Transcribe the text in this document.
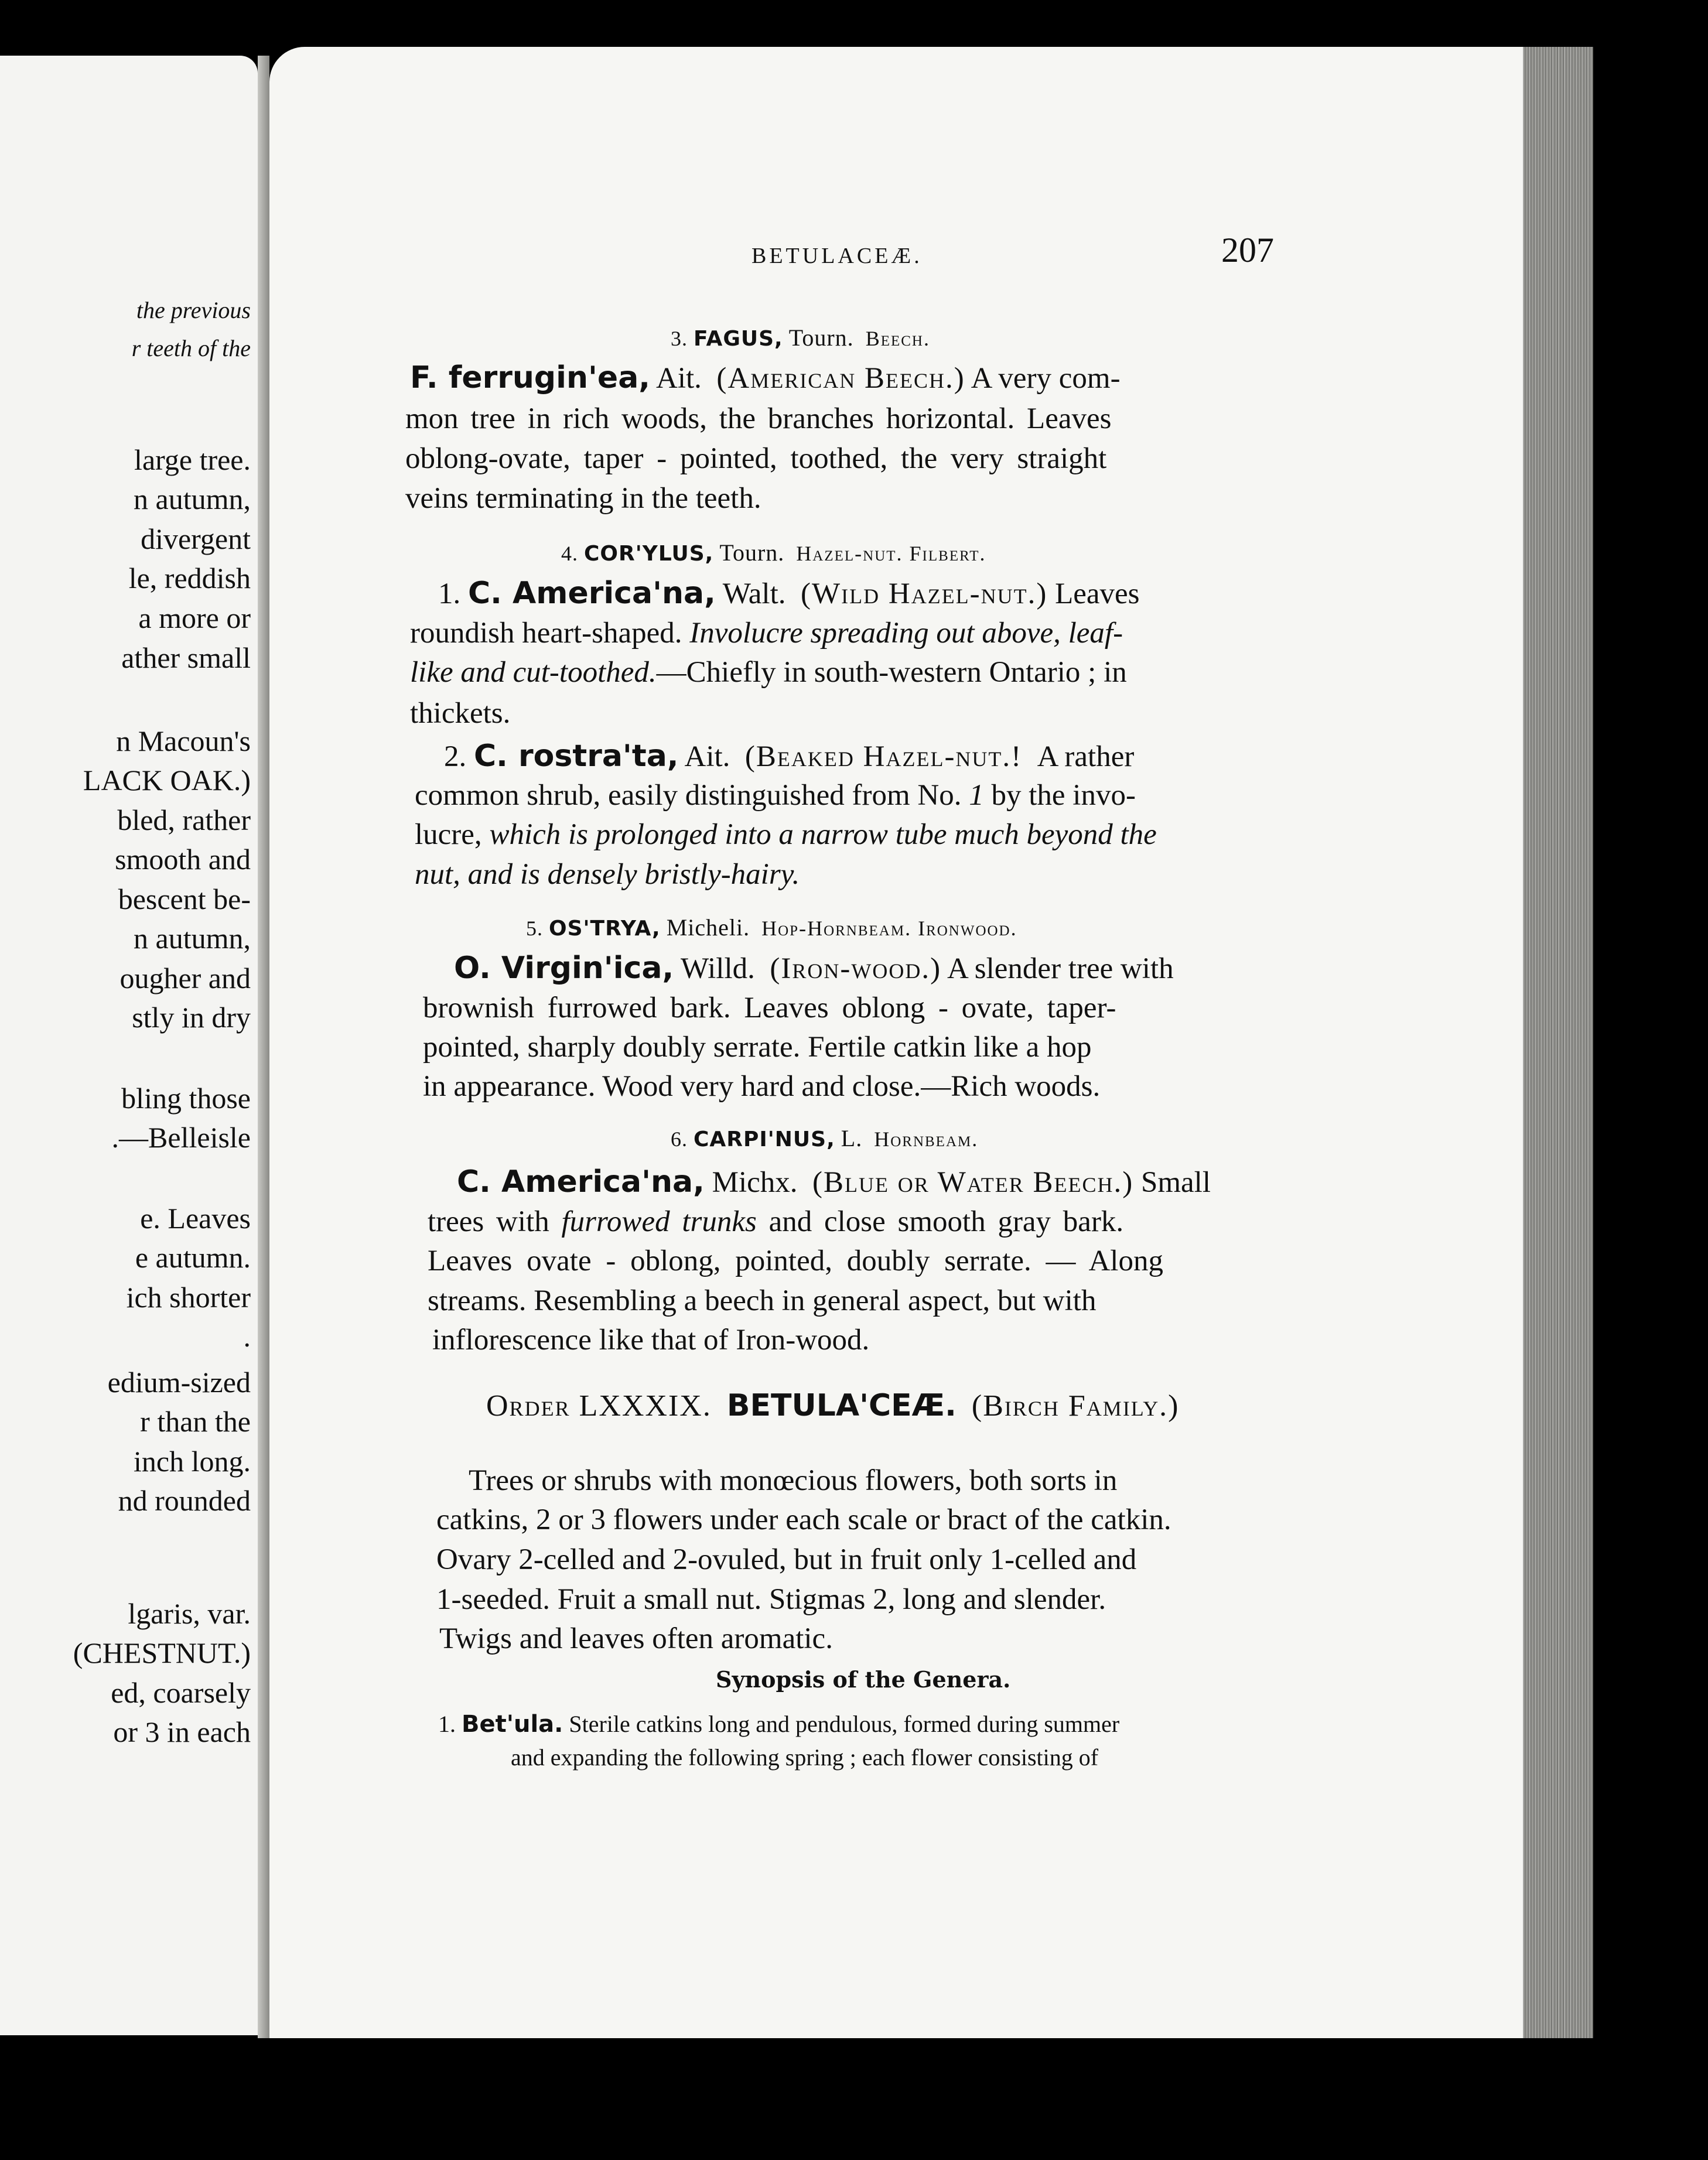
the previous
r teeth of the
large tree.
n autumn,
divergent
le, reddish
a more or
ather small
n Macoun's
LACK OAK.)
bled, rather
smooth and
bescent be-
n autumn,
ougher and
stly in dry
bling those
.—Belleisle
e. Leaves
e autumn.
ich shorter
.
edium-sized
r than the
inch long.
nd rounded
lgaris, var.
(CHESTNUT.)
ed, coarsely
or 3 in each
BETULACEÆ.	207
3. FAGUS, Tourn. Beech.
F. ferrugin'ea, Ait. (American Beech.) A very com-
mon tree in rich woods, the branches horizontal. Leaves
oblong-ovate, taper - pointed, toothed, the very straight
veins terminating in the teeth.
4. COR'YLUS, Tourn. Hazel-nut. Filbert.
1. C. America'na, Walt. (Wild Hazel-nut.) Leaves
roundish heart-shaped. Involucre spreading out above, leaf-
like and cut-toothed.—Chiefly in south-western Ontario ; in
thickets.
2. C. rostra'ta, Ait. (Beaked Hazel-nut.! A rather
common shrub, easily distinguished from No. 1 by the invo-
lucre, which is prolonged into a narrow tube much beyond the
nut, and is densely bristly-hairy.
5. OS'TRYA, Micheli. Hop-Hornbeam. Ironwood.
O. Virgin'ica, Willd. (Iron-wood.) A slender tree with
brownish furrowed bark. Leaves oblong - ovate, taper-
pointed, sharply doubly serrate. Fertile catkin like a hop
in appearance. Wood very hard and close.—Rich woods.
6. CARPI'NUS, L. Hornbeam.
C. America'na, Michx. (Blue or Water Beech.) Small
trees with furrowed trunks and close smooth gray bark.
Leaves ovate - oblong, pointed, doubly serrate. — Along
streams. Resembling a beech in general aspect, but with
inflorescence like that of Iron-wood.
Order LXXXIX. BETULA'CEÆ. (Birch Family.)
Trees or shrubs with monœcious flowers, both sorts in
catkins, 2 or 3 flowers under each scale or bract of the catkin.
Ovary 2-celled and 2-ovuled, but in fruit only 1-celled and
1-seeded. Fruit a small nut. Stigmas 2, long and slender.
Twigs and leaves often aromatic.
Synopsis of the Genera.
1. Bet'ula. Sterile catkins long and pendulous, formed during summer
and expanding the following spring ; each flower consisting of
